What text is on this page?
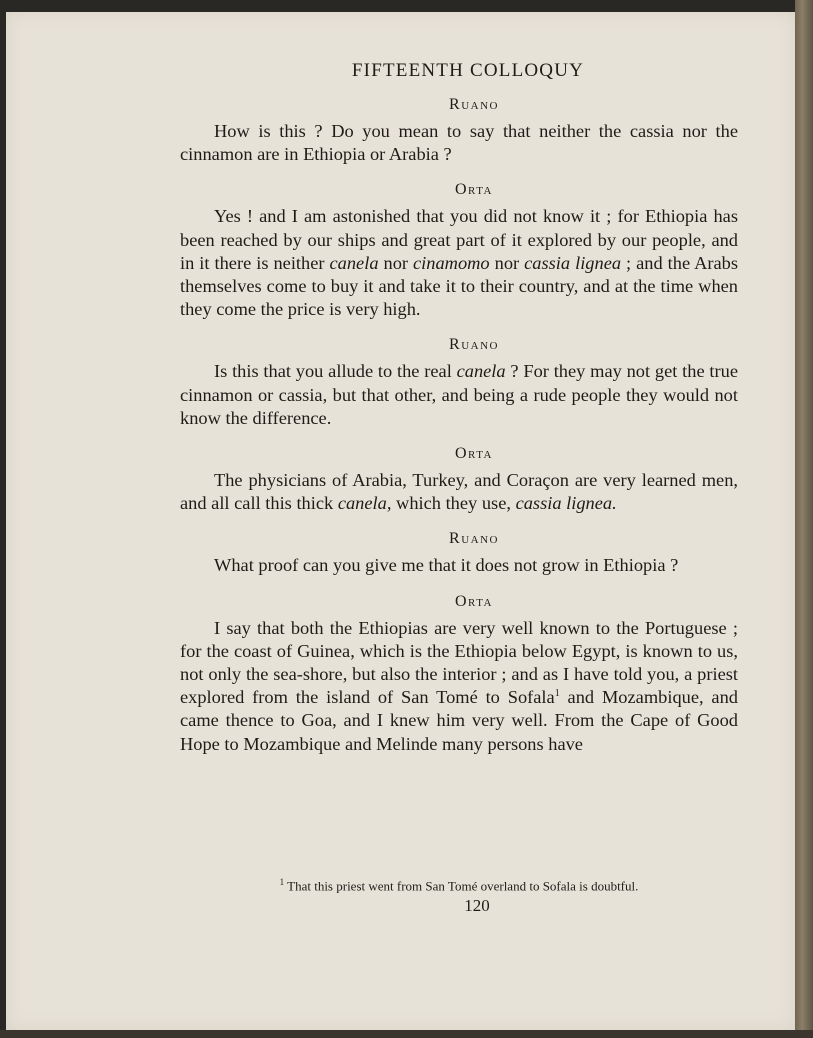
FIFTEENTH COLLOQUY
Ruano
How is this ? Do you mean to say that neither the cassia nor the cinnamon are in Ethiopia or Arabia ?
Orta
Yes ! and I am astonished that you did not know it ; for Ethiopia has been reached by our ships and great part of it explored by our people, and in it there is neither canela nor cinamomo nor cassia lignea ; and the Arabs themselves come to buy it and take it to their country, and at the time when they come the price is very high.
Ruano
Is this that you allude to the real canela ? For they may not get the true cinnamon or cassia, but that other, and being a rude people they would not know the difference.
Orta
The physicians of Arabia, Turkey, and Coraçon are very learned men, and all call this thick canela, which they use, cassia lignea.
Ruano
What proof can you give me that it does not grow in Ethiopia ?
Orta
I say that both the Ethiopias are very well known to the Portuguese ; for the coast of Guinea, which is the Ethiopia below Egypt, is known to us, not only the sea-shore, but also the interior ; and as I have told you, a priest explored from the island of San Tomé to Sofala$^1$ and Mozambique, and came thence to Goa, and I knew him very well. From the Cape of Good Hope to Mozambique and Melinde many persons have
$^1$ That this priest went from San Tomé overland to Sofala is doubtful.
120
